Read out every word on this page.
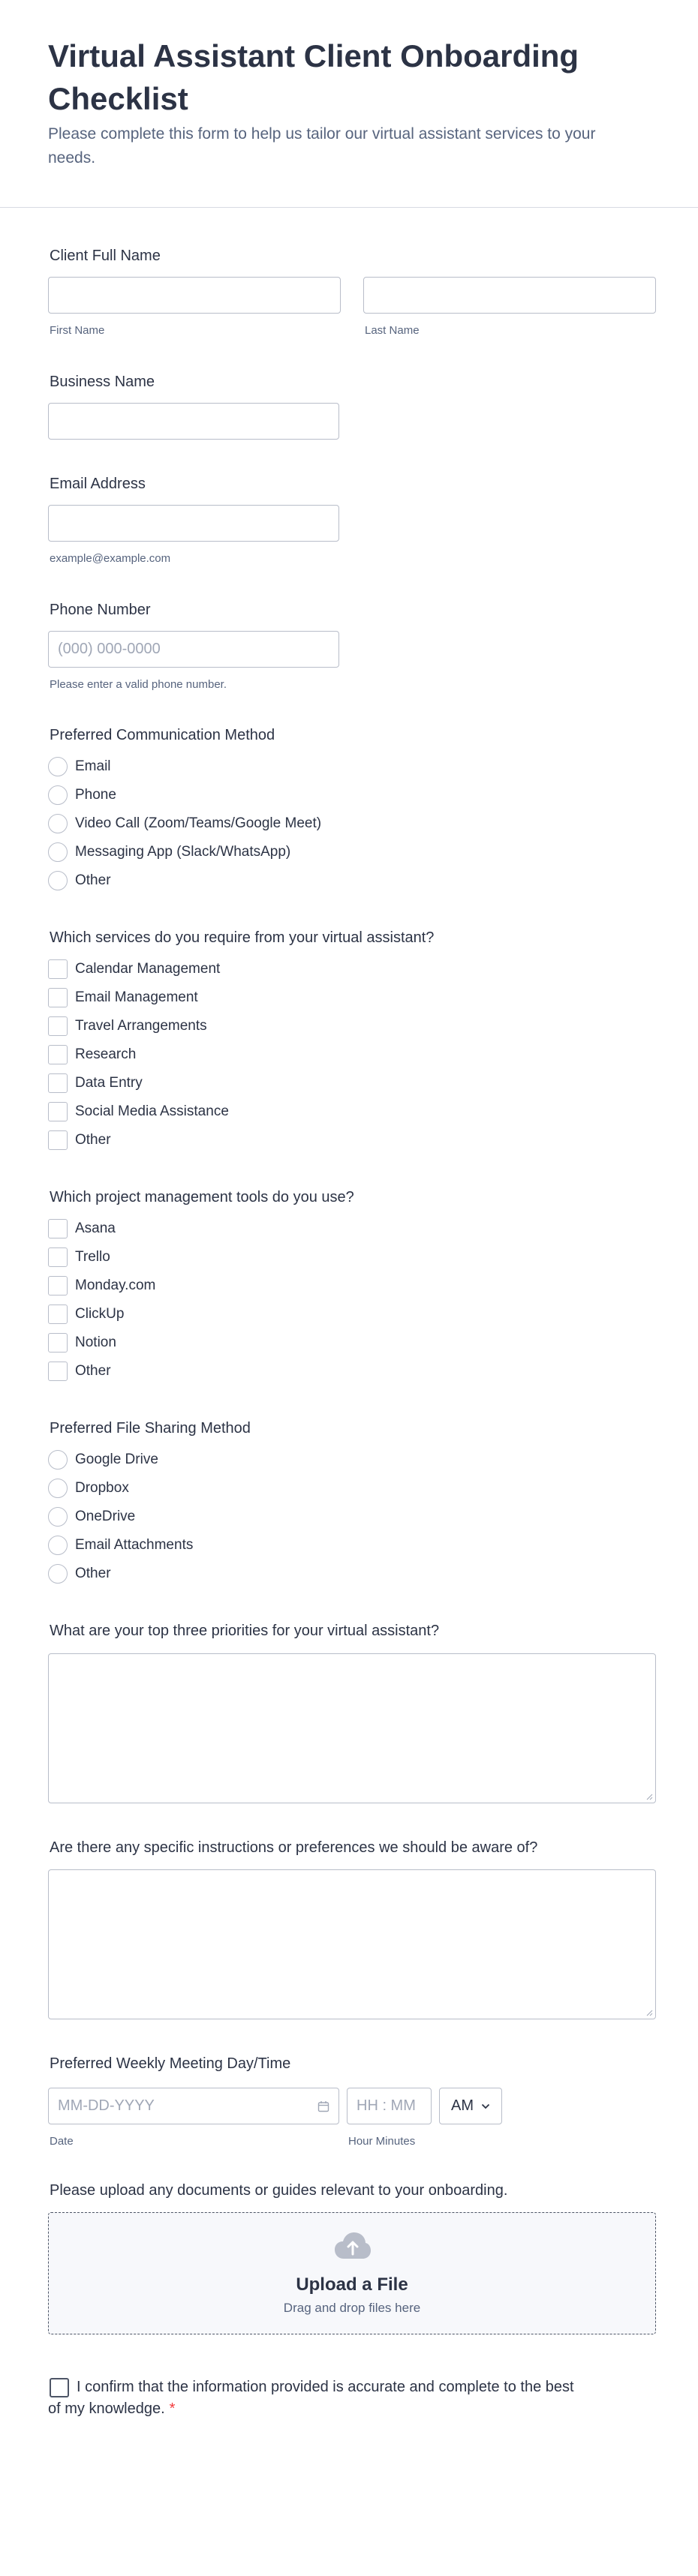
Virtual Assistant Client Onboarding Checklist

Please complete this form to help us tailor our virtual assistant services to your needs.

Client Full Name
First Name	Last Name
Business Name
Email Address
example@example.com
Phone Number
(000) 000-0000
Please enter a valid phone number.
Preferred Communication Method
Email
Phone
Video Call (Zoom/Teams/Google Meet)
Messaging App (Slack/WhatsApp)
Other
Which services do you require from your virtual assistant?
Calendar Management
Email Management
Travel Arrangements
Research
Data Entry
Social Media Assistance
Other
Which project management tools do you use?
Asana
Trello
Monday.com
ClickUp
Notion
Other
Preferred File Sharing Method
Google Drive
Dropbox
OneDrive
Email Attachments
Other
What are your top three priorities for your virtual assistant?
Are there any specific instructions or preferences we should be aware of?
Preferred Weekly Meeting Day/Time
MM-DD-YYYY	HH : MM	AM
Date	Hour Minutes
Please upload any documents or guides relevant to your onboarding.
Upload a File
Drag and drop files here
I confirm that the information provided is accurate and complete to the best of my knowledge. *
